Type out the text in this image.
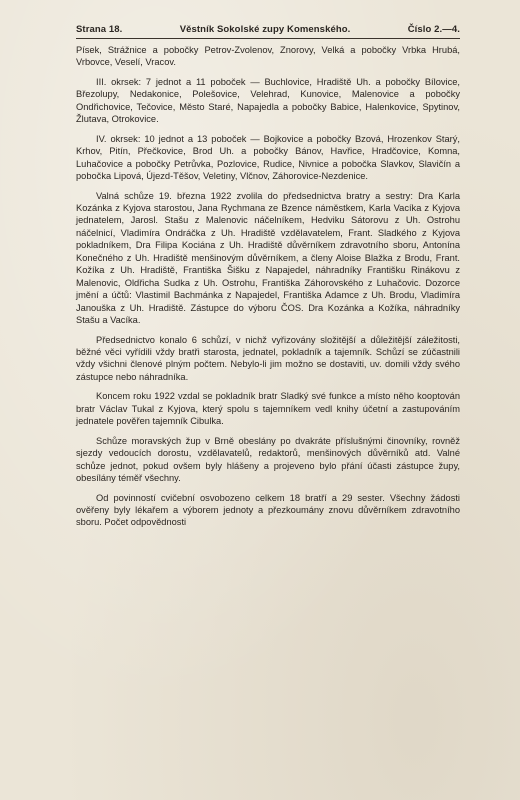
Strana 18.	Věstník Sokolské zupy Komenského.	Číslo 2.—4.

Písek, Strážnice a pobočky Petrov-Zvolenov, Znorovy, Velká a pobočky Vrbka Hrubá, Vrbovce, Veselí, Vracov.

III. okrsek: 7 jednot a 11 poboček — Buchlovice, Hradiště Uh. a pobočky Bílovice, Březolupy, Nedakonice, Polešovice, Velehrad, Kunovice, Malenovice a pobočky Ondřichovice, Tečovice, Město Staré, Napajedla a pobočky Babice, Halenkovice, Spytinov, Žlutava, Otrokovice.

IV. okrsek: 10 jednot a 13 poboček — Bojkovice a pobočky Bzová, Hrozenkov Starý, Krhov, Pitín, Přečkovice, Brod Uh. a pobočky Bánov, Havřice, Hradčovice, Komna, Luhačovice a pobočky Petrůvka, Pozlovice, Rudice, Nivnice a pobočka Slavkov, Slavičín a pobočka Lipová, Újezd-Těšov, Veletiny, Vlčnov, Záhorovice-Nezdenice.

Valná schůze 19. března 1922 zvolila do předsednictva bratry a sestry: Dra Karla Kozánka z Kyjova starostou, Jana Rychmana ze Bzence náměstkem, Karla Vacíka z Kyjova jednatelem, Jarosl. Stašu z Malenovic náčelníkem, Hedviku Sátorovu z Uh. Ostrohu náčelnicí, Vladimíra Ondráčka z Uh. Hradiště vzdělavatelem, Frant. Sladkého z Kyjova pokladníkem, Dra Filipa Kociána z Uh. Hradiště důvěrníkem zdravotního sboru, Antonína Konečného z Uh. Hradiště menšinovým důvěrníkem, a členy Aloise Blažka z Brodu, Frant. Kožíka z Uh. Hradiště, Františka Šišku z Napajedel, náhradníky Františku Rinákovu z Malenovic, Oldřicha Sudka z Uh. Ostrohu, Františka Záhorovského z Luhačovic. Dozorce jmění a účtů: Vlastimil Bachmánka z Napajedel, Františka Adamce z Uh. Brodu, Vladimíra Janouška z Uh. Hradiště. Zástupce do výboru ČOS. Dra Kozánka a Kožíka, náhradníky Stašu a Vacíka.

Předsednictvo konalo 6 schůzí, v nichž vyřizovány složitější a důležitější záležitosti, běžné věci vyřídili vždy bratři starosta, jednatel, pokladník a tajemník. Schůzí se zúčastnili vždy všichni členové plným počtem. Nebylo-li jim možno se dostaviti, uv. domili vždy svého zástupce nebo náhradníka.

Koncem roku 1922 vzdal se pokladník bratr Sladký své funkce a místo něho kooptován bratr Václav Tukal z Kyjova, který spolu s tajemníkem vedl knihy účetní a zastupováním jednatele pověřen tajemník Cibulka.

Schůze moravských žup v Brně obeslány po dvakráte příslušnými činovníky, rovněž sjezdy vedoucích dorostu, vzdělavatelů, redaktorů, menšinových důvěrníků atd. Valné schůze jednot, pokud ovšem byly hlášeny a projeveno bylo přání účasti zástupce župy, obesílány téměř všechny.

Od povinností cvičební osvobozeno celkem 18 bratří a 29 sester. Všechny žádosti ověřeny byly lékařem a výborem jednoty a přezkoumány znovu důvěrníkem zdravotního sboru. Počet odpovědnosti
